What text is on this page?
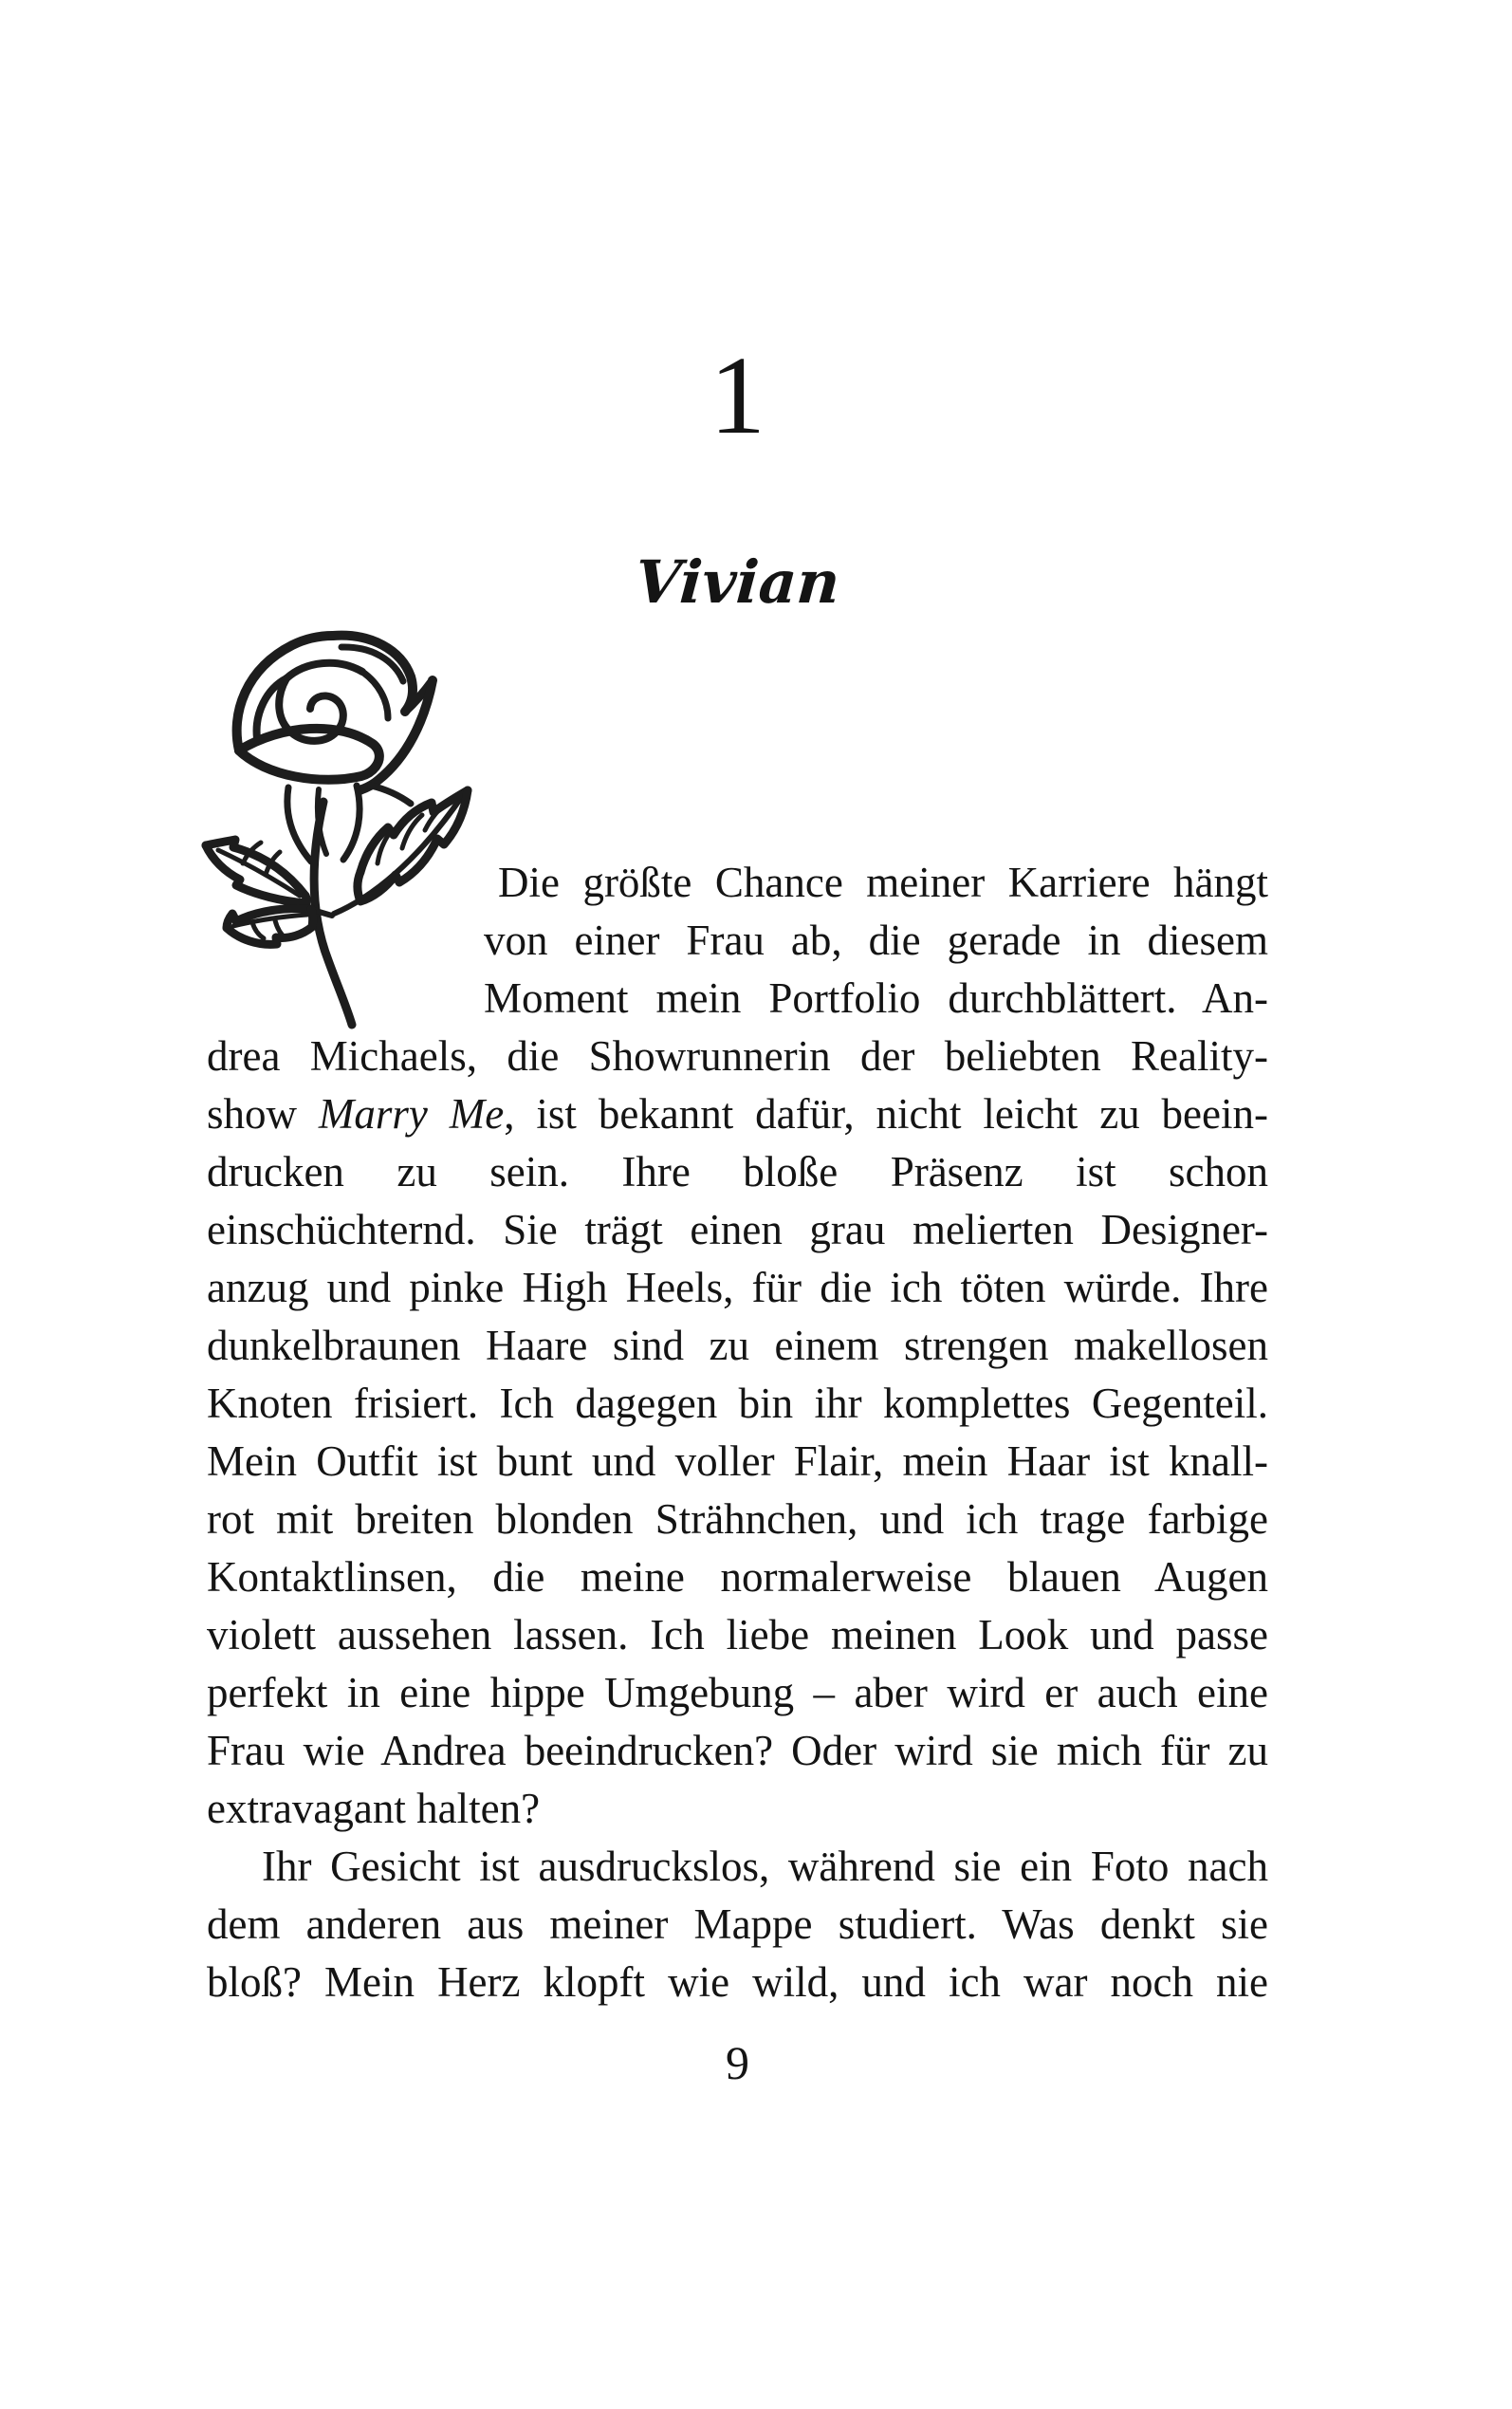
1
Vivian
Die größte Chance meiner Karriere hängt
von einer Frau ab, die gerade in diesem
Moment mein Portfolio durchblättert. An-
drea Michaels, die Showrunnerin der beliebten Reality-
show Marry Me, ist bekannt dafür, nicht leicht zu beein-
drucken zu sein. Ihre bloße Präsenz ist schon
einschüchternd. Sie trägt einen grau melierten Designer-
anzug und pinke High Heels, für die ich töten würde. Ihre
dunkelbraunen Haare sind zu einem strengen makellosen
Knoten frisiert. Ich dagegen bin ihr komplettes Gegenteil.
Mein Outfit ist bunt und voller Flair, mein Haar ist knall-
rot mit breiten blonden Strähnchen, und ich trage farbige
Kontaktlinsen, die meine normalerweise blauen Augen
violett aussehen lassen. Ich liebe meinen Look und passe
perfekt in eine hippe Umgebung – aber wird er auch eine
Frau wie Andrea beeindrucken? Oder wird sie mich für zu
extravagant halten?
Ihr Gesicht ist ausdruckslos, während sie ein Foto nach
dem anderen aus meiner Mappe studiert. Was denkt sie
bloß? Mein Herz klopft wie wild, und ich war noch nie
9
